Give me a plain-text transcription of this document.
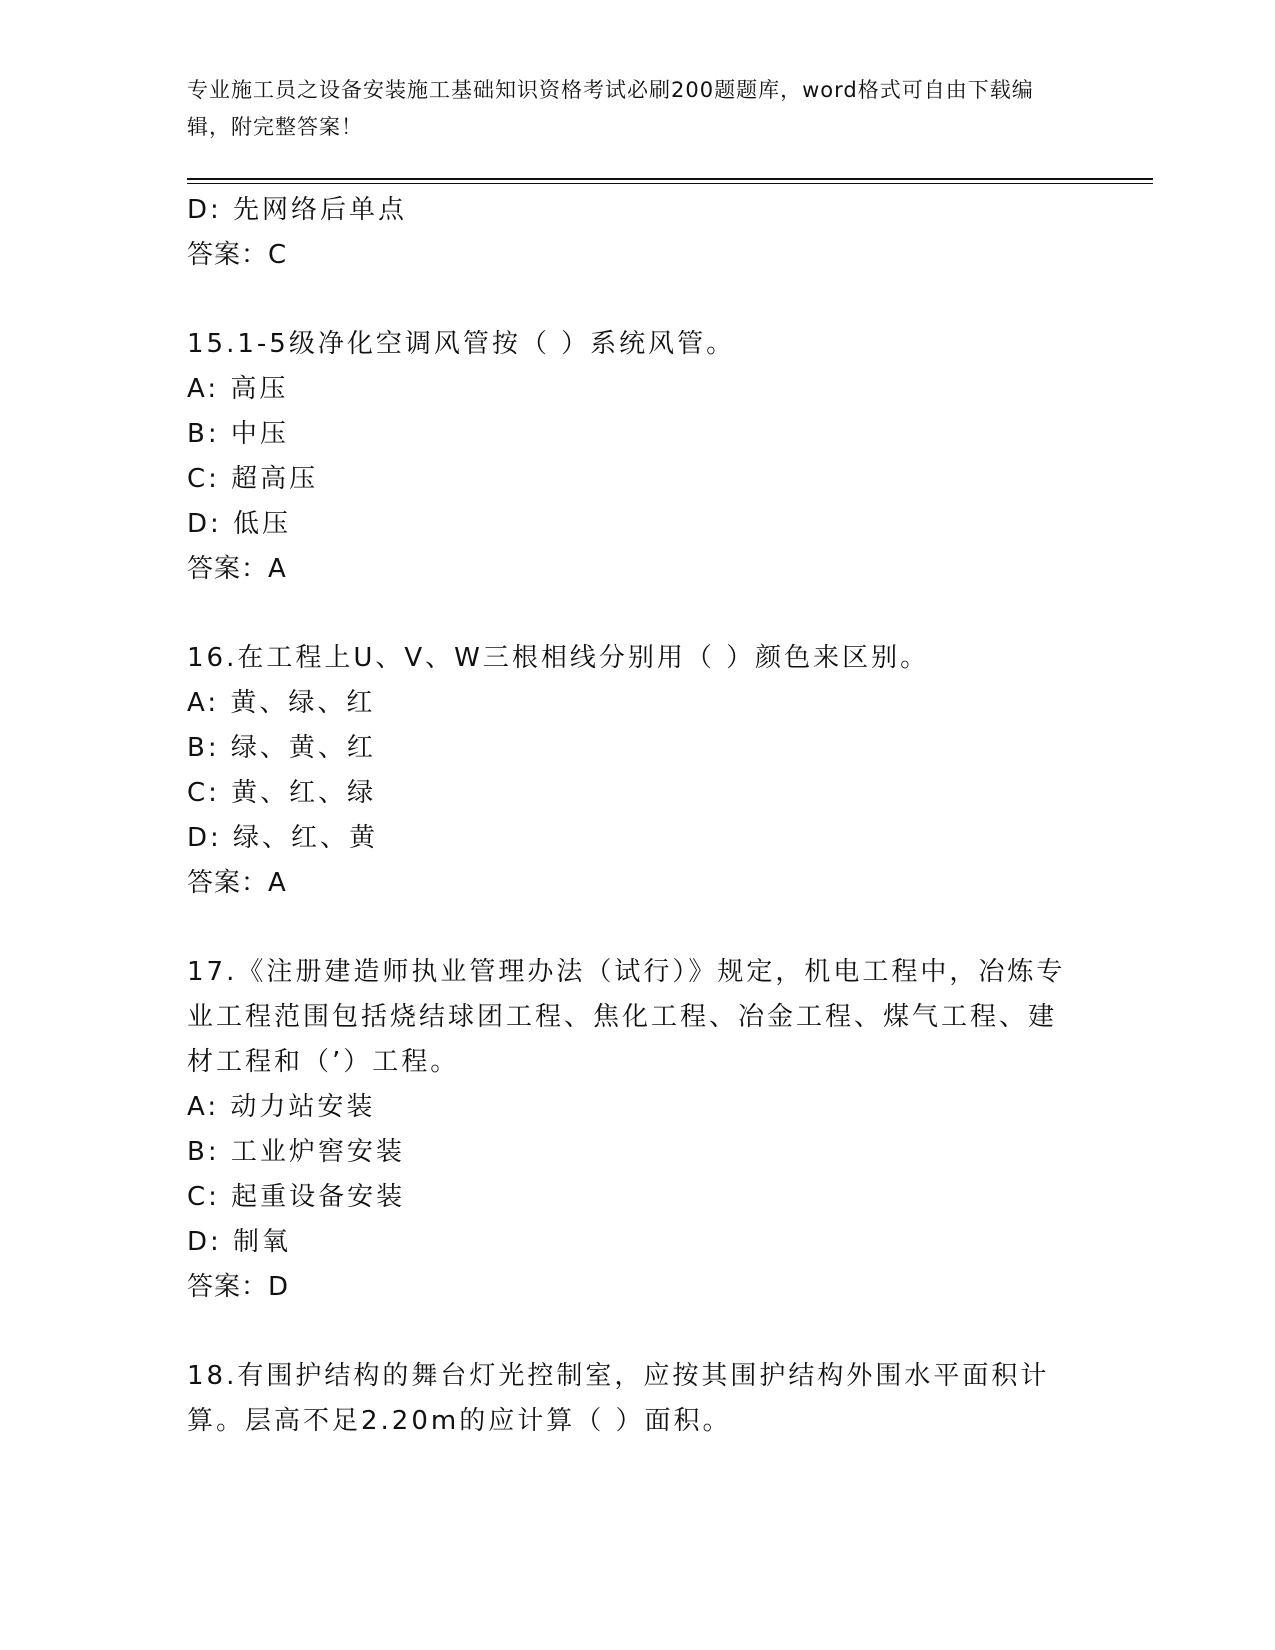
专业施工员之设备安装施工基础知识资格考试必刷200题题库，word格式可自由下载编辑，附完整答案！
D: 先网络后单点
答案：C
15.1-5级净化空调风管按（ ）系统风管。
A: 高压
B: 中压
C: 超高压
D: 低压
答案：A
16.在工程上U、V、W三根相线分别用（ ）颜色来区别。
A: 黄、绿、红
B: 绿、黄、红
C: 黄、红、绿
D: 绿、红、黄
答案：A
17.《注册建造师执业管理办法（试行）》规定，机电工程中，冶炼专业工程范围包括烧结球团工程、焦化工程、冶金工程、煤气工程、建材工程和（’）工程。
A: 动力站安装
B: 工业炉窖安装
C: 起重设备安装
D: 制氧
答案：D
18.有围护结构的舞台灯光控制室，应按其围护结构外围水平面积计算。层高不足2.20m的应计算（ ）面积。
